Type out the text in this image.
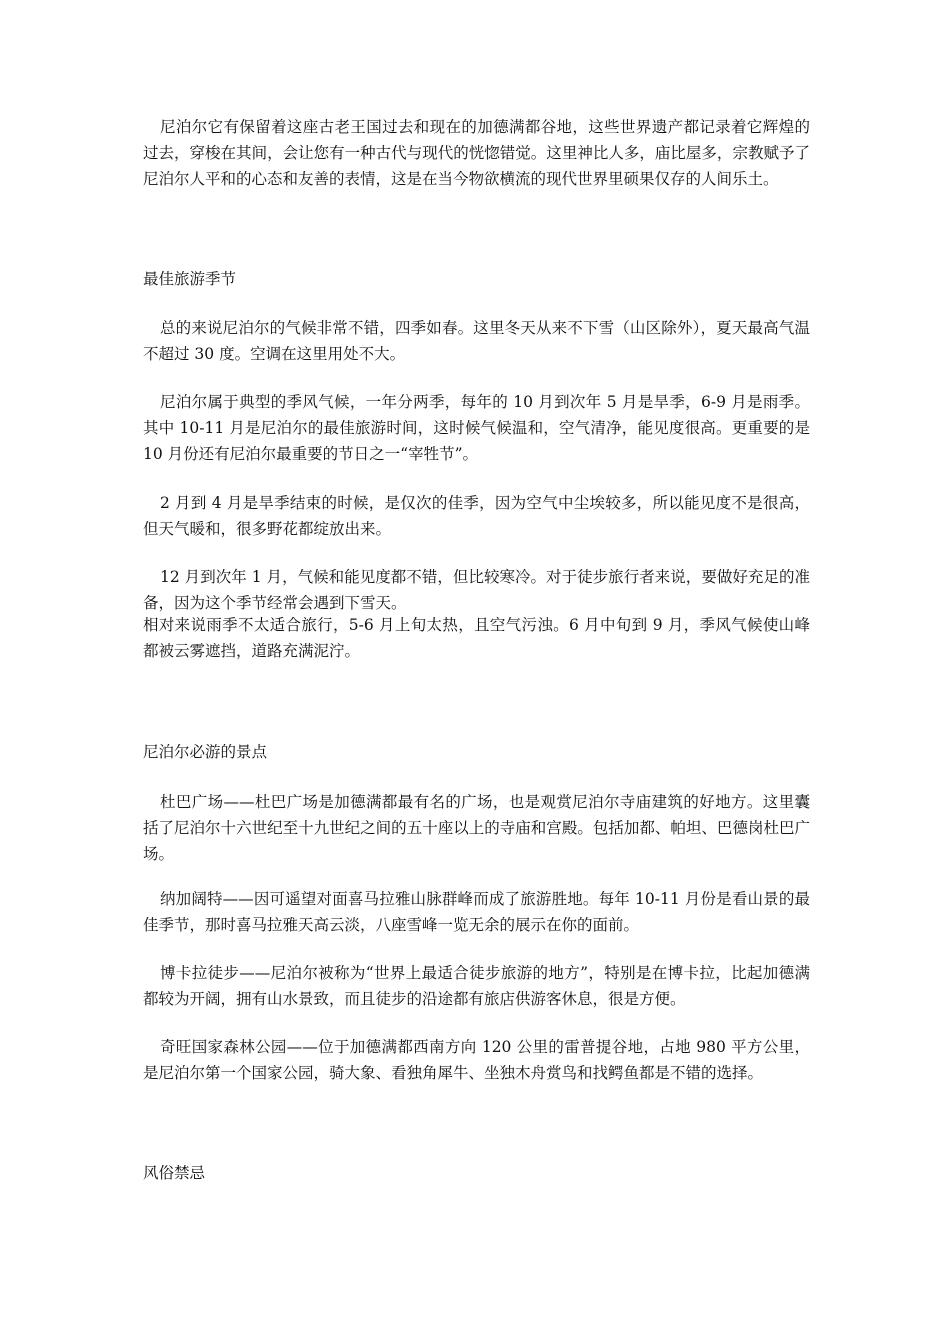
尼泊尔它有保留着这座古老王国过去和现在的加德满都谷地，这些世界遗产都记录着它辉煌的过去，穿梭在其间，会让您有一种古代与现代的恍惚错觉。这里神比人多，庙比屋多，宗教赋予了尼泊尔人平和的心态和友善的表情，这是在当今物欲横流的现代世界里硕果仅存的人间乐土。

最佳旅游季节

总的来说尼泊尔的气候非常不错，四季如春。这里冬天从来不下雪（山区除外），夏天最高气温不超过 30 度。空调在这里用处不大。

尼泊尔属于典型的季风气候，一年分两季，每年的 10 月到次年 5 月是旱季，6-9 月是雨季。其中 10-11 月是尼泊尔的最佳旅游时间，这时候气候温和，空气清净，能见度很高。更重要的是 10 月份还有尼泊尔最重要的节日之一“宰牲节”。

2 月到 4 月是旱季结束的时候，是仅次的佳季，因为空气中尘埃较多，所以能见度不是很高，但天气暖和，很多野花都绽放出来。

12 月到次年 1 月，气候和能见度都不错，但比较寒冷。对于徒步旅行者来说，要做好充足的准备，因为这个季节经常会遇到下雪天。

相对来说雨季不太适合旅行，5-6 月上旬太热，且空气污浊。6 月中旬到 9 月，季风气候使山峰都被云雾遮挡，道路充满泥泞。

尼泊尔必游的景点

杜巴广场——杜巴广场是加德满都最有名的广场，也是观赏尼泊尔寺庙建筑的好地方。这里囊括了尼泊尔十六世纪至十九世纪之间的五十座以上的寺庙和宫殿。包括加都、帕坦、巴德岗杜巴广场。

纳加阔特——因可遥望对面喜马拉雅山脉群峰而成了旅游胜地。每年 10-11 月份是看山景的最佳季节，那时喜马拉雅天高云淡，八座雪峰一览无余的展示在你的面前。

博卡拉徒步——尼泊尔被称为“世界上最适合徒步旅游的地方”，特别是在博卡拉，比起加德满都较为开阔，拥有山水景致，而且徒步的沿途都有旅店供游客休息，很是方便。

奇旺国家森林公园——位于加德满都西南方向 120 公里的雷普提谷地，占地 980 平方公里，是尼泊尔第一个国家公园，骑大象、看独角犀牛、坐独木舟赏鸟和找鳄鱼都是不错的选择。

风俗禁忌
